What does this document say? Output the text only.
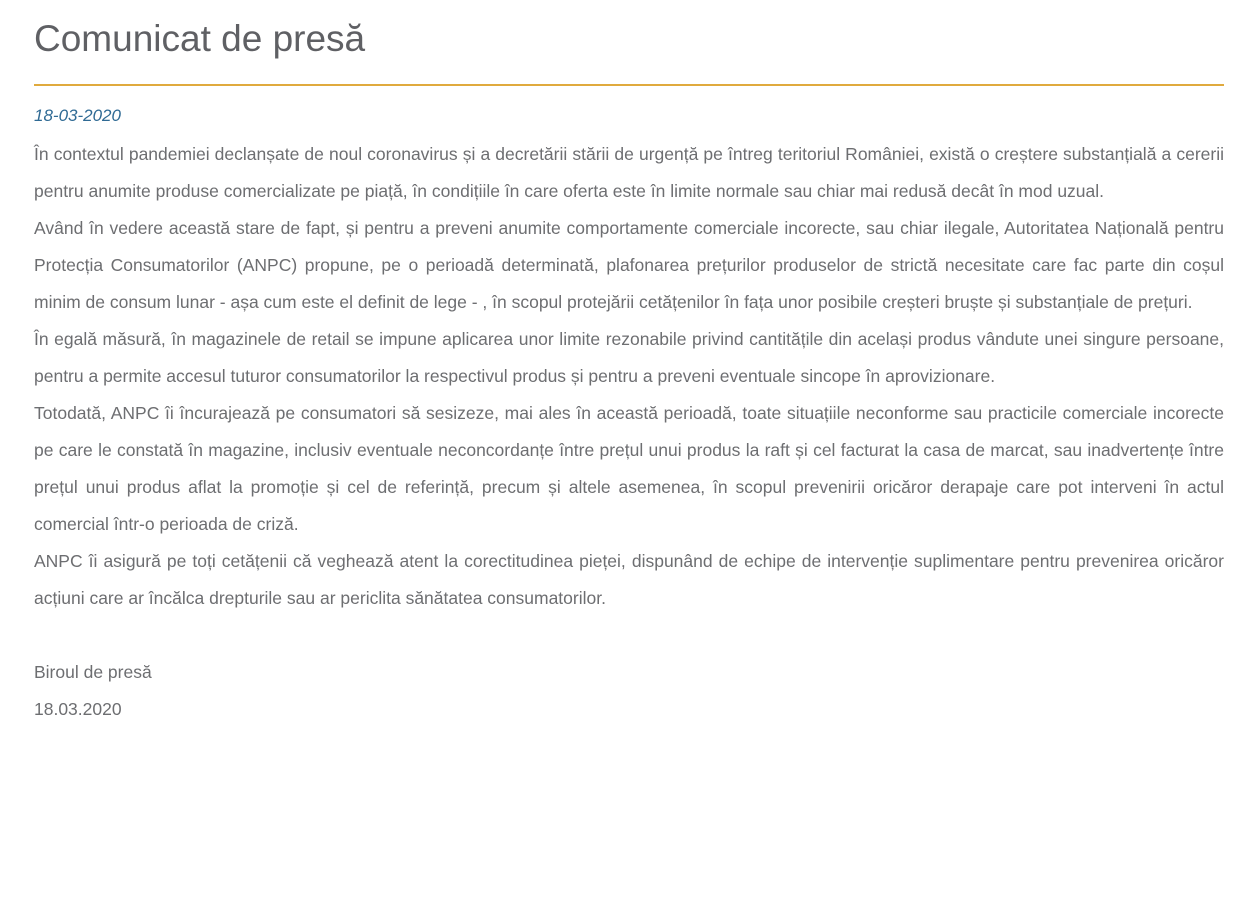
Comunicat de presă
18-03-2020

În contextul pandemiei declanșate de noul coronavirus și a decretării stării de urgență pe întreg teritoriul României, există o creștere substanțială a cererii pentru anumite produse comercializate pe piață, în condițiile în care oferta este în limite normale sau chiar mai redusă decât în mod uzual.

Având în vedere această stare de fapt, și pentru a preveni anumite comportamente comerciale incorecte, sau chiar ilegale, Autoritatea Națională pentru Protecția Consumatorilor (ANPC) propune, pe o perioadă determinată, plafonarea prețurilor produselor de strictă necesitate care fac parte din coșul minim de consum lunar - așa cum este el definit de lege - , în scopul protejării cetățenilor în fața unor posibile creșteri bruște și substanțiale de prețuri.

În egală măsură, în magazinele de retail se impune aplicarea unor limite rezonabile privind cantitățile din același produs vândute unei singure persoane, pentru a permite accesul tuturor consumatorilor la respectivul produs și pentru a preveni eventuale sincope în aprovizionare.

Totodată, ANPC îi încurajează pe consumatori să sesizeze, mai ales în această perioadă, toate situațiile neconforme sau practicile comerciale incorecte pe care le constată în magazine, inclusiv eventuale neconcordanțe între prețul unui produs la raft și cel facturat la casa de marcat, sau inadvertențe între prețul unui produs aflat la promoție și cel de referință, precum și altele asemenea, în scopul prevenirii oricăror derapaje care pot interveni în actul comercial într-o perioada de criză.

ANPC îi asigură pe toți cetățenii că veghează atent la corectitudinea pieței, dispunând de echipe de intervenție suplimentare pentru prevenirea oricăror acțiuni care ar încălca drepturile sau ar periclita sănătatea consumatorilor.

Biroul de presă

18.03.2020
